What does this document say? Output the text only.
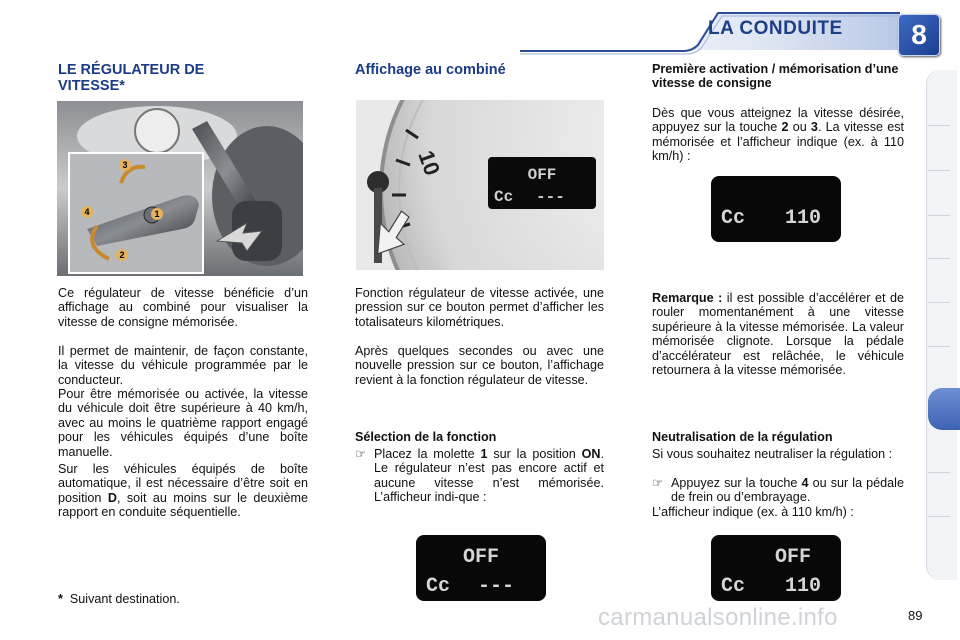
LA CONDUITE	8
LE RÉGULATEUR DE
VITESSE*
3
4	1
2

Ce régulateur de vitesse bénéficie d’un affichage au combiné pour visualiser la vitesse de consigne mémorisée.

Il permet de maintenir, de façon constante, la vitesse du véhicule programmée par le conducteur.

Pour être mémorisée ou activée, la vitesse du véhicule doit être supérieure à 40 km/h, avec au moins le quatrième rapport engagé pour les véhicules équipés d’une boîte manuelle.

Sur les véhicules équipés de boîte automatique, il est nécessaire d’être soit en position D, soit au moins sur le deuxième rapport en conduite séquentielle.

* Suivant destination.

Affichage au combiné
10	OFF
Cc ---

Fonction régulateur de vitesse activée, une pression sur ce bouton permet d’afficher les totalisateurs kilométriques.

Après quelques secondes ou avec une nouvelle pression sur ce bouton, l’affichage revient à la fonction régulateur de vitesse.

Sélection de la fonction

☞ Placez la molette 1 sur la position ON. Le régulateur n’est pas encore actif et aucune vitesse n’est mémorisée. L’afficheur indi-que :
OFF
Cc ---

Première activation / mémorisation d’une vitesse de consigne

Dès que vous atteignez la vitesse désirée, appuyez sur la touche 2 ou 3. La vitesse est mémorisée et l’afficheur indique (ex. à 110 km/h) :

Cc 110

Remarque : il est possible d’accélérer et de rouler momentanément à une vitesse supérieure à la vitesse mémorisée. La valeur mémorisée clignote. Lorsque la pédale d’accélérateur est relâchée, le véhicule retournera à la vitesse mémorisée.

Neutralisation de la régulation

Si vous souhaitez neutraliser la régulation :

☞ Appuyez sur la touche 4 ou sur la pédale de frein ou d’embrayage.

L’afficheur indique (ex. à 110 km/h) :

OFF
Cc 110
carmanualsonline.info	89
